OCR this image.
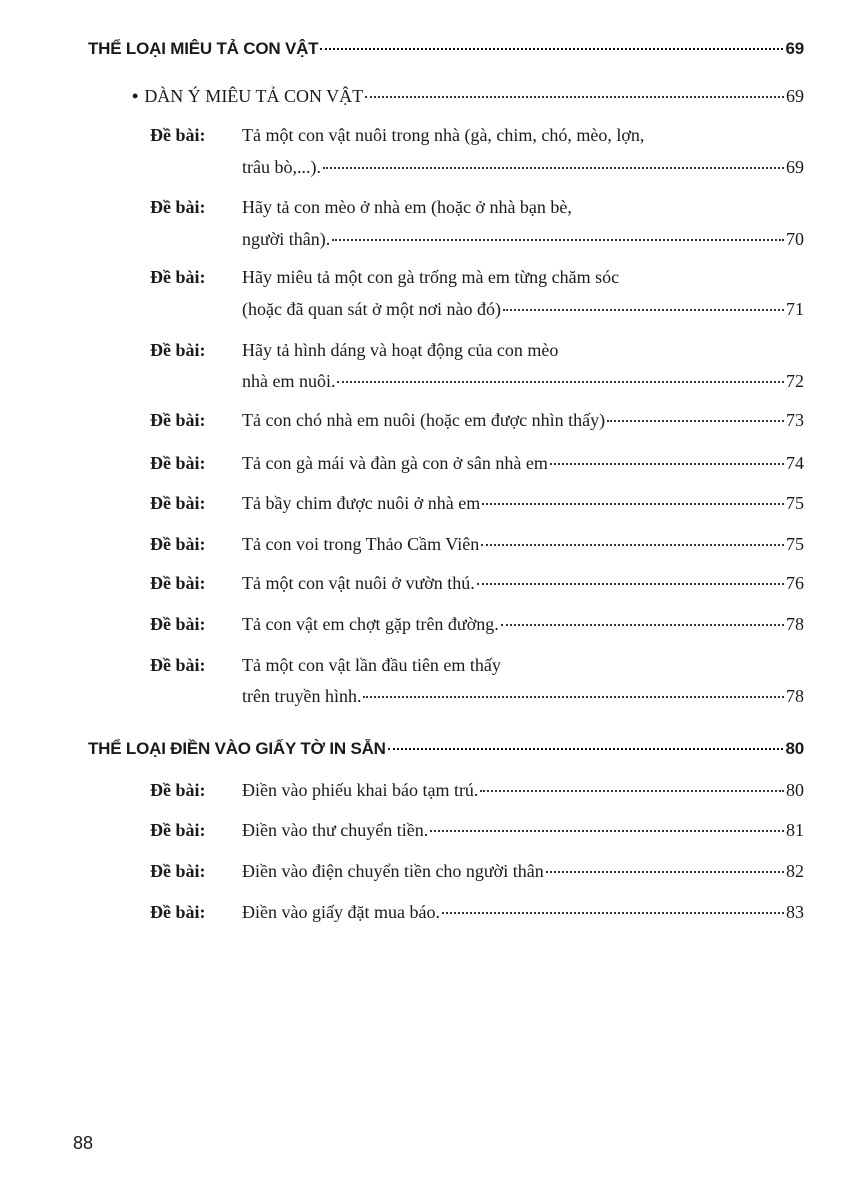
THỂ LOẠI MIÊU TẢ CON VẬT	69
• DÀN Ý MIÊU TẢ CON VẬT	69
Đề bài: Tả một con vật nuôi trong nhà (gà, chim, chó, mèo, lợn,
trâu bò,...).	69
Đề bài: Hãy tả con mèo ở nhà em (hoặc ở nhà bạn bè,
người thân).	70
Đề bài: Hãy miêu tả một con gà trống mà em từng chăm sóc
(hoặc đã quan sát ở một nơi nào đó)	71
Đề bài: Hãy tả hình dáng và hoạt động của con mèo
nhà em nuôi.	72
Đề bài: Tả con chó nhà em nuôi (hoặc em được nhìn thấy)	73
Đề bài: Tả con gà mái và đàn gà con ở sân nhà em	74
Đề bài: Tả bầy chim được nuôi ở nhà em	75
Đề bài: Tả con voi trong Thảo Cầm Viên	75
Đề bài: Tả một con vật nuôi ở vườn thú.	76
Đề bài: Tả con vật em chợt gặp trên đường.	78
Đề bài: Tả một con vật lần đầu tiên em thấy
trên truyền hình.	78
THỂ LOẠI ĐIỀN VÀO GIẤY TỜ IN SẴN	80
Đề bài: Điền vào phiếu khai báo tạm trú.	80
Đề bài: Điền vào thư chuyển tiền.	81
Đề bài: Điền vào điện chuyển tiền cho người thân	82
Đề bài: Điền vào giấy đặt mua báo.	83
88
